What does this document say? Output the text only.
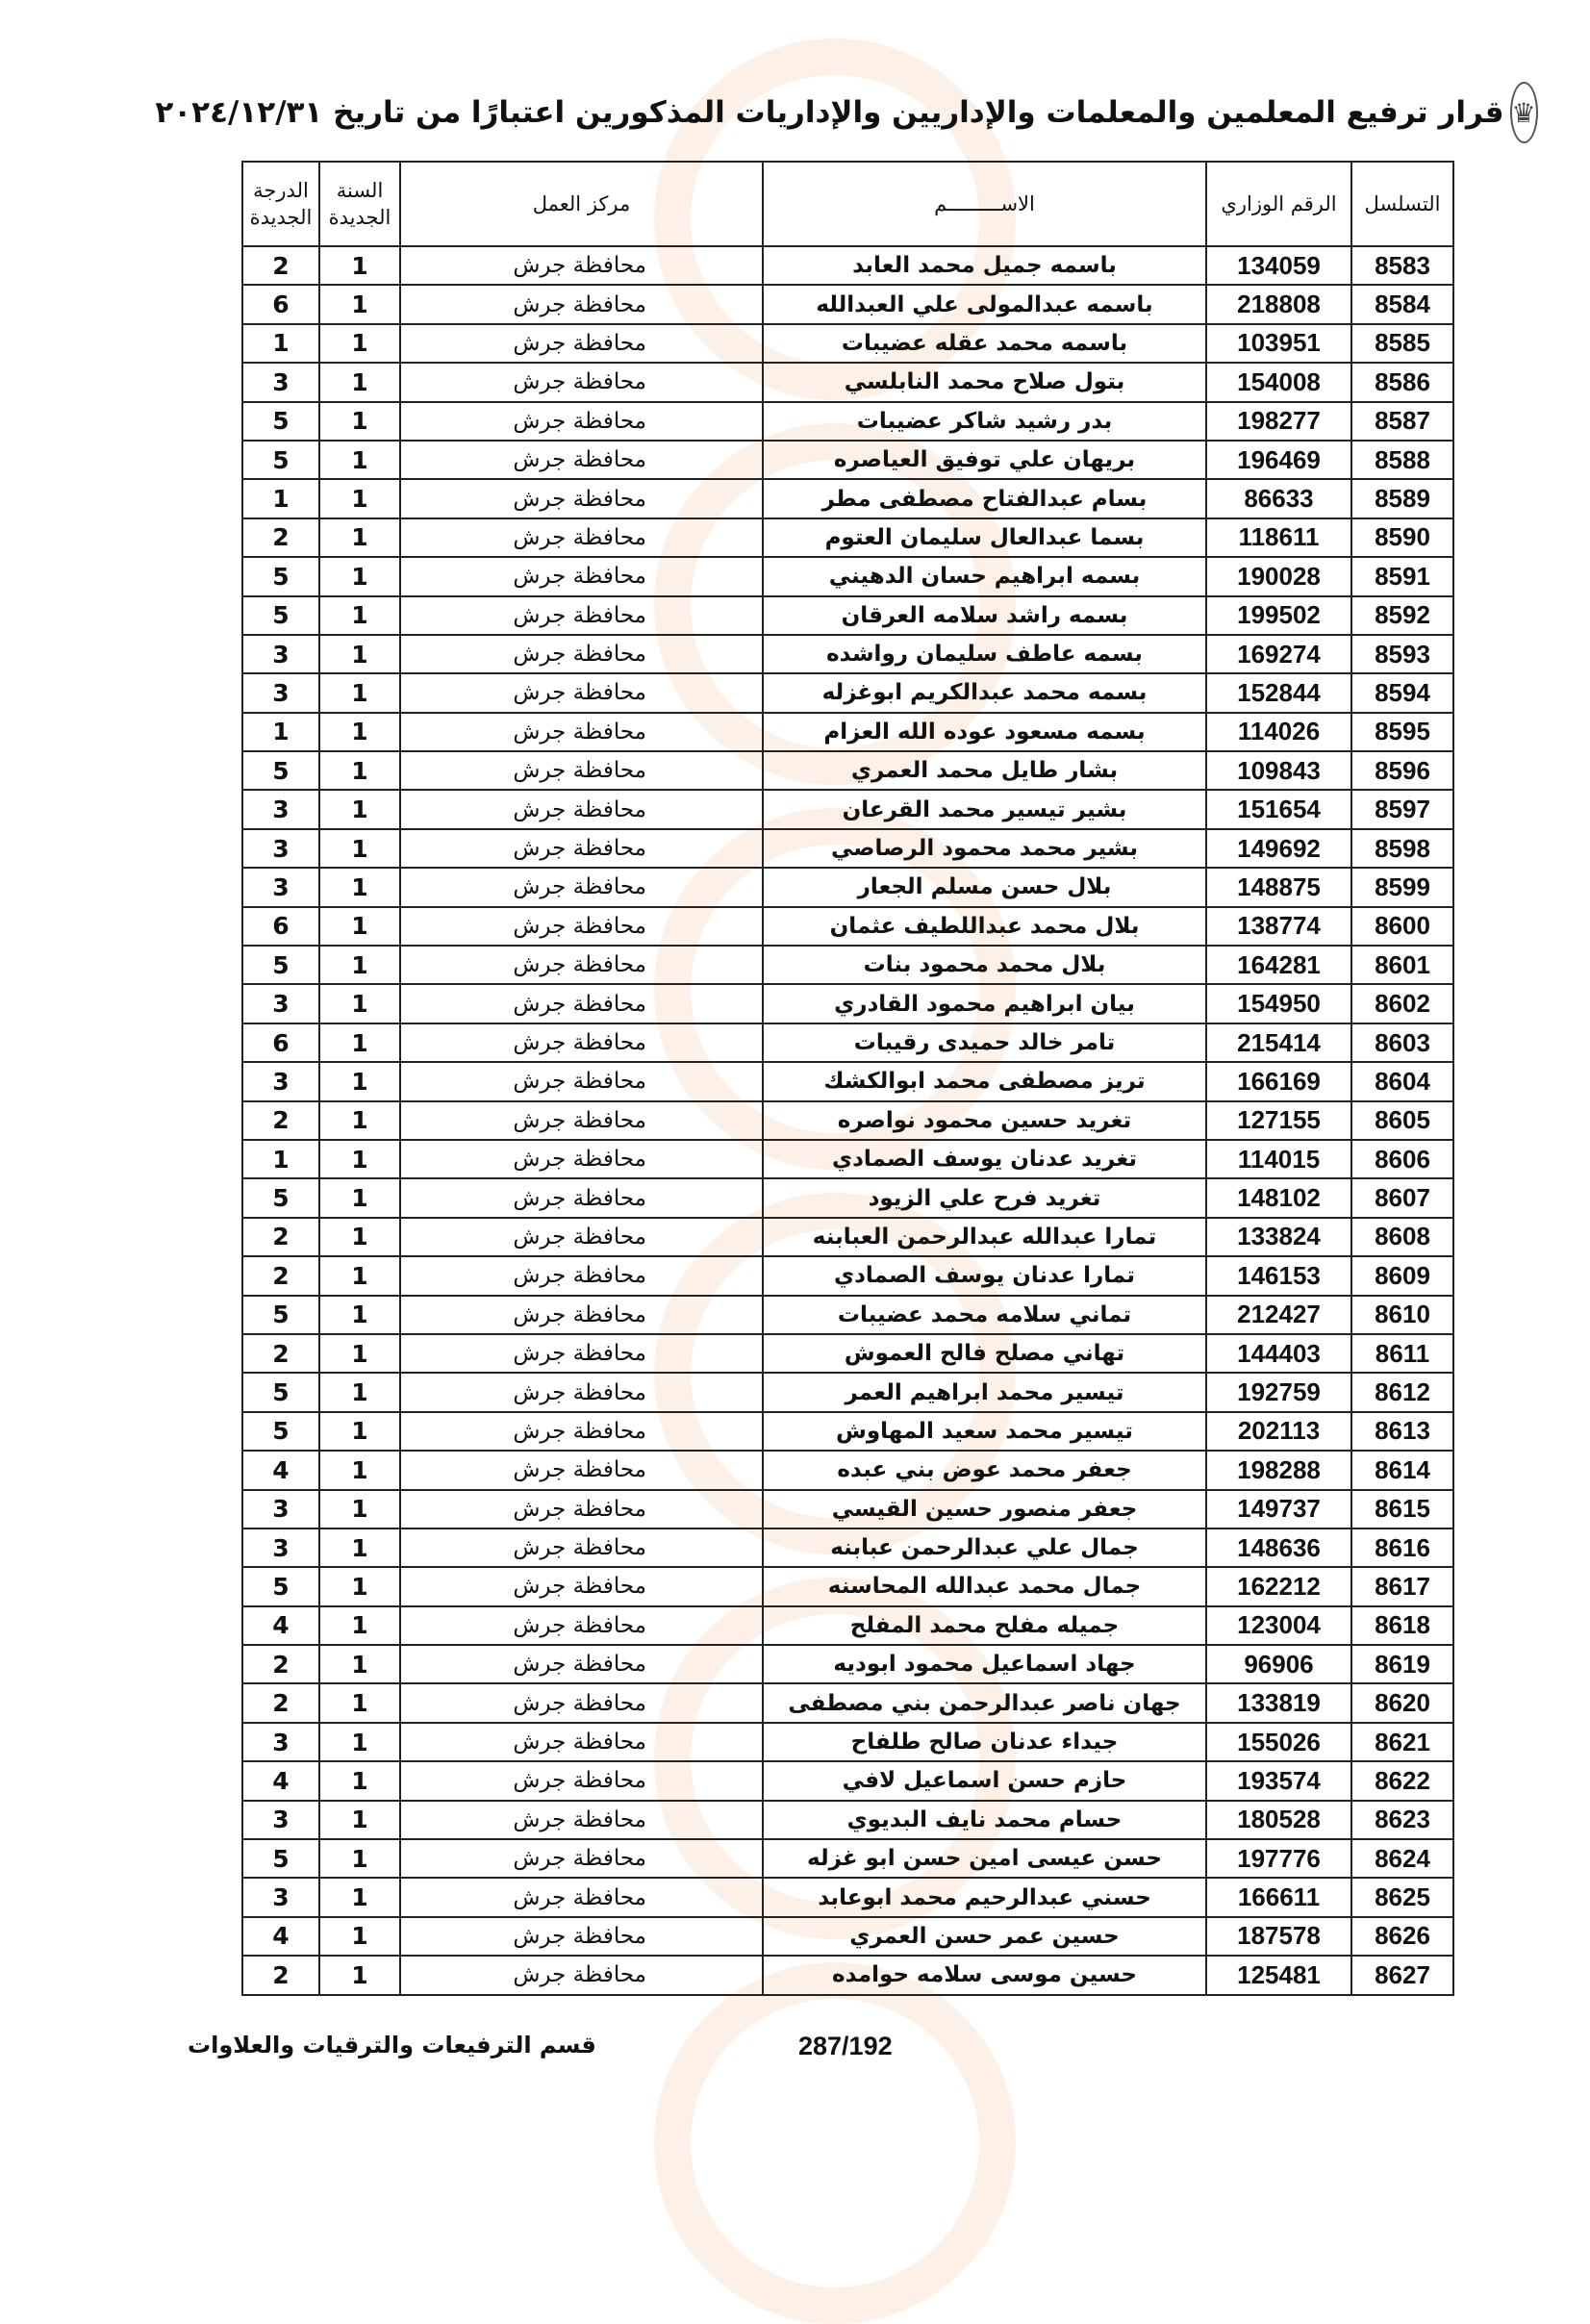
♛
قرار ترفيع المعلمين والمعلمات والإداريين والإداريات المذكورين اعتبارًا من تاريخ ٢٠٢٤/١٢/٣١
التسلسل	الرقم الوزاري	الاســـــــــم	مركز العمل	السنة الجديدة	الدرجة الجديدة
8583	134059	باسمه جميل محمد العابد	محافظة جرش	1	2
8584	218808	باسمه عبدالمولى علي العبدالله	محافظة جرش	1	6
8585	103951	باسمه محمد عقله عضيبات	محافظة جرش	1	1
8586	154008	بتول صلاح محمد النابلسي	محافظة جرش	1	3
8587	198277	بدر رشيد شاكر عضيبات	محافظة جرش	1	5
8588	196469	بريهان علي توفيق العياصره	محافظة جرش	1	5
8589	86633	بسام عبدالفتاح مصطفى مطر	محافظة جرش	1	1
8590	118611	بسما عبدالعال سليمان العتوم	محافظة جرش	1	2
8591	190028	بسمه ابراهيم حسان الدهيني	محافظة جرش	1	5
8592	199502	بسمه راشد سلامه العرقان	محافظة جرش	1	5
8593	169274	بسمه عاطف سليمان رواشده	محافظة جرش	1	3
8594	152844	بسمه محمد عبدالكريم ابوغزله	محافظة جرش	1	3
8595	114026	بسمه مسعود عوده الله العزام	محافظة جرش	1	1
8596	109843	بشار طايل محمد العمري	محافظة جرش	1	5
8597	151654	بشير تيسير محمد القرعان	محافظة جرش	1	3
8598	149692	بشير محمد محمود الرصاصي	محافظة جرش	1	3
8599	148875	بلال حسن مسلم الجعار	محافظة جرش	1	3
8600	138774	بلال محمد عبداللطيف عثمان	محافظة جرش	1	6
8601	164281	بلال محمد محمود بنات	محافظة جرش	1	5
8602	154950	بيان ابراهيم محمود القادري	محافظة جرش	1	3
8603	215414	تامر خالد حميدى رقيبات	محافظة جرش	1	6
8604	166169	تريز مصطفى محمد ابوالكشك	محافظة جرش	1	3
8605	127155	تغريد حسين محمود نواصره	محافظة جرش	1	2
8606	114015	تغريد عدنان يوسف الصمادي	محافظة جرش	1	1
8607	148102	تغريد فرح علي الزيود	محافظة جرش	1	5
8608	133824	تمارا عبدالله عبدالرحمن العبابنه	محافظة جرش	1	2
8609	146153	تمارا عدنان يوسف الصمادي	محافظة جرش	1	2
8610	212427	تماني سلامه محمد عضيبات	محافظة جرش	1	5
8611	144403	تهاني مصلح فالح العموش	محافظة جرش	1	2
8612	192759	تيسير محمد ابراهيم العمر	محافظة جرش	1	5
8613	202113	تيسير محمد سعيد المهاوش	محافظة جرش	1	5
8614	198288	جعفر محمد عوض بني عبده	محافظة جرش	1	4
8615	149737	جعفر منصور حسين القيسي	محافظة جرش	1	3
8616	148636	جمال علي عبدالرحمن عبابنه	محافظة جرش	1	3
8617	162212	جمال محمد عبدالله المحاسنه	محافظة جرش	1	5
8618	123004	جميله مفلح محمد المفلح	محافظة جرش	1	4
8619	96906	جهاد اسماعيل محمود ابوديه	محافظة جرش	1	2
8620	133819	جهان ناصر عبدالرحمن بني مصطفى	محافظة جرش	1	2
8621	155026	جيداء عدنان صالح طلفاح	محافظة جرش	1	3
8622	193574	حازم حسن اسماعيل لافي	محافظة جرش	1	4
8623	180528	حسام محمد نايف البديوي	محافظة جرش	1	3
8624	197776	حسن عيسى امين حسن ابو غزله	محافظة جرش	1	5
8625	166611	حسني عبدالرحيم محمد ابوعابد	محافظة جرش	1	3
8626	187578	حسين عمر حسن العمري	محافظة جرش	1	4
8627	125481	حسين موسى سلامه حوامده	محافظة جرش	1	2
287/192
قسم الترفيعات والترقيات والعلاوات
